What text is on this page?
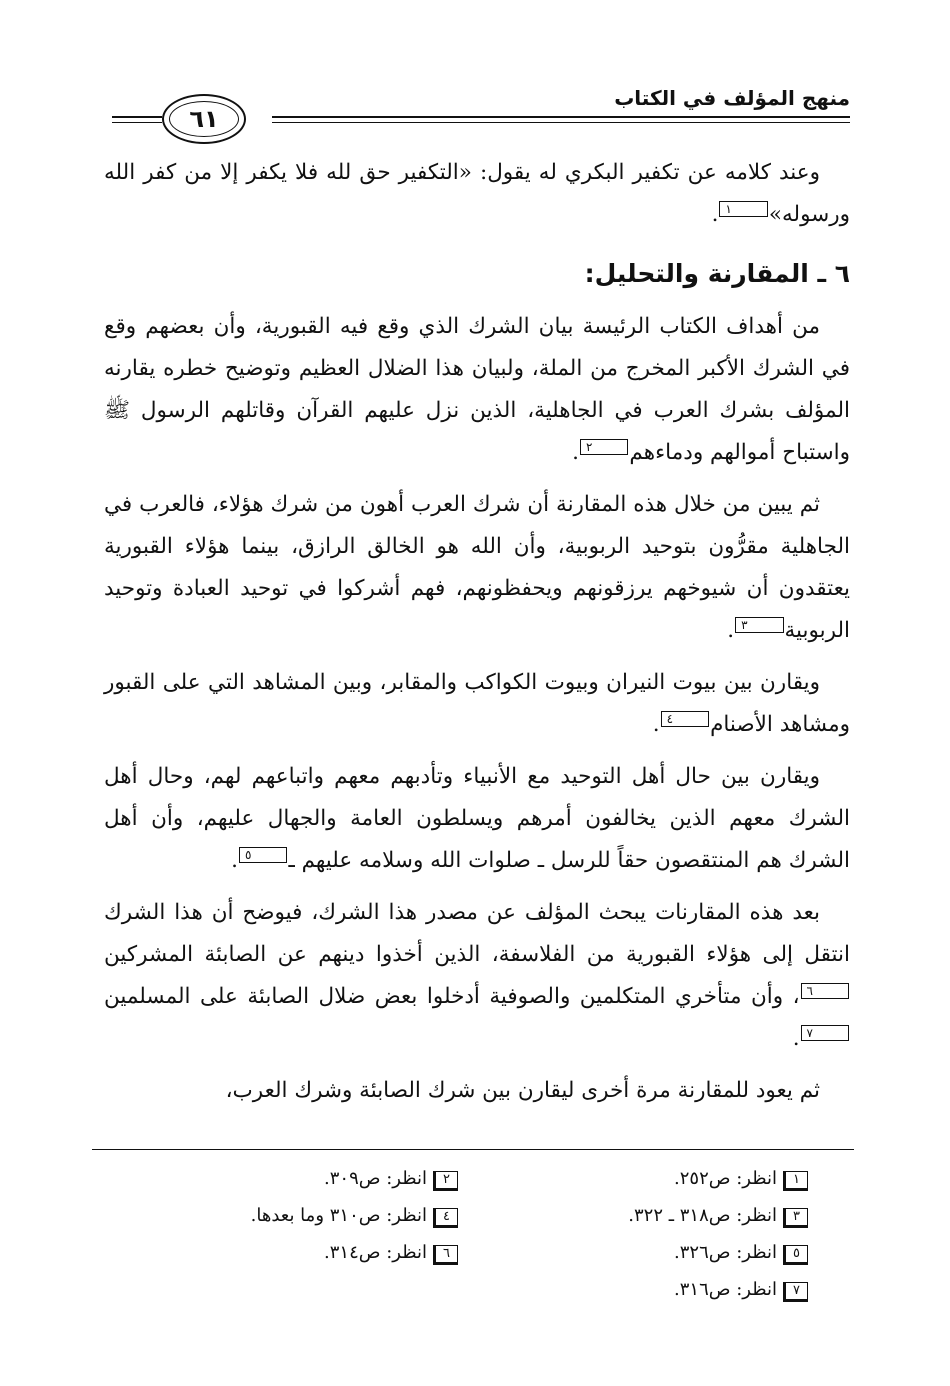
منهج المؤلف في الكتاب
٦١

وعند كلامه عن تكفير البكري له يقول: «التكفير حق لله فلا يكفر إلا من كفر الله ورسوله»١.

٦ ـ المقارنة والتحليل:

من أهداف الكتاب الرئيسة بيان الشرك الذي وقع فيه القبورية، وأن بعضهم وقع في الشرك الأكبر المخرج من الملة، ولبيان هذا الضلال العظيم وتوضيح خطره يقارنه المؤلف بشرك العرب في الجاهلية، الذين نزل عليهم القرآن وقاتلهم الرسول ﷺ واستباح أموالهم ودماءهم٢.

ثم يبين من خلال هذه المقارنة أن شرك العرب أهون من شرك هؤلاء، فالعرب في الجاهلية مقرُّون بتوحيد الربوبية، وأن الله هو الخالق الرازق، بينما هؤلاء القبورية يعتقدون أن شيوخهم يرزقونهم ويحفظونهم، فهم أشركوا في توحيد العبادة وتوحيد الربوبية٣.

ويقارن بين بيوت النيران وبيوت الكواكب والمقابر، وبين المشاهد التي على القبور ومشاهد الأصنام٤.

ويقارن بين حال أهل التوحيد مع الأنبياء وتأدبهم معهم واتباعهم لهم، وحال أهل الشرك معهم الذين يخالفون أمرهم ويسلطون العامة والجهال عليهم، وأن أهل الشرك هم المنتقصون حقاً للرسل ـ صلوات الله وسلامه عليهم ـ٥.

بعد هذه المقارنات يبحث المؤلف عن مصدر هذا الشرك، فيوضح أن هذا الشرك انتقل إلى هؤلاء القبورية من الفلاسفة، الذين أخذوا دينهم عن الصابئة المشركين٦، وأن متأخري المتكلمين والصوفية أدخلوا بعض ضلال الصابئة على المسلمين٧.

ثم يعود للمقارنة مرة أخرى ليقارن بين شرك الصابئة وشرك العرب،

١انظر: ص٢٥٢.
٢انظر: ص٣٠٩.
٣انظر: ص٣١٨ ـ ٣٢٢.
٤انظر: ص٣١٠ وما بعدها.
٥انظر: ص٣٢٦.
٦انظر: ص٣١٤.
٧انظر: ص٣١٦.
